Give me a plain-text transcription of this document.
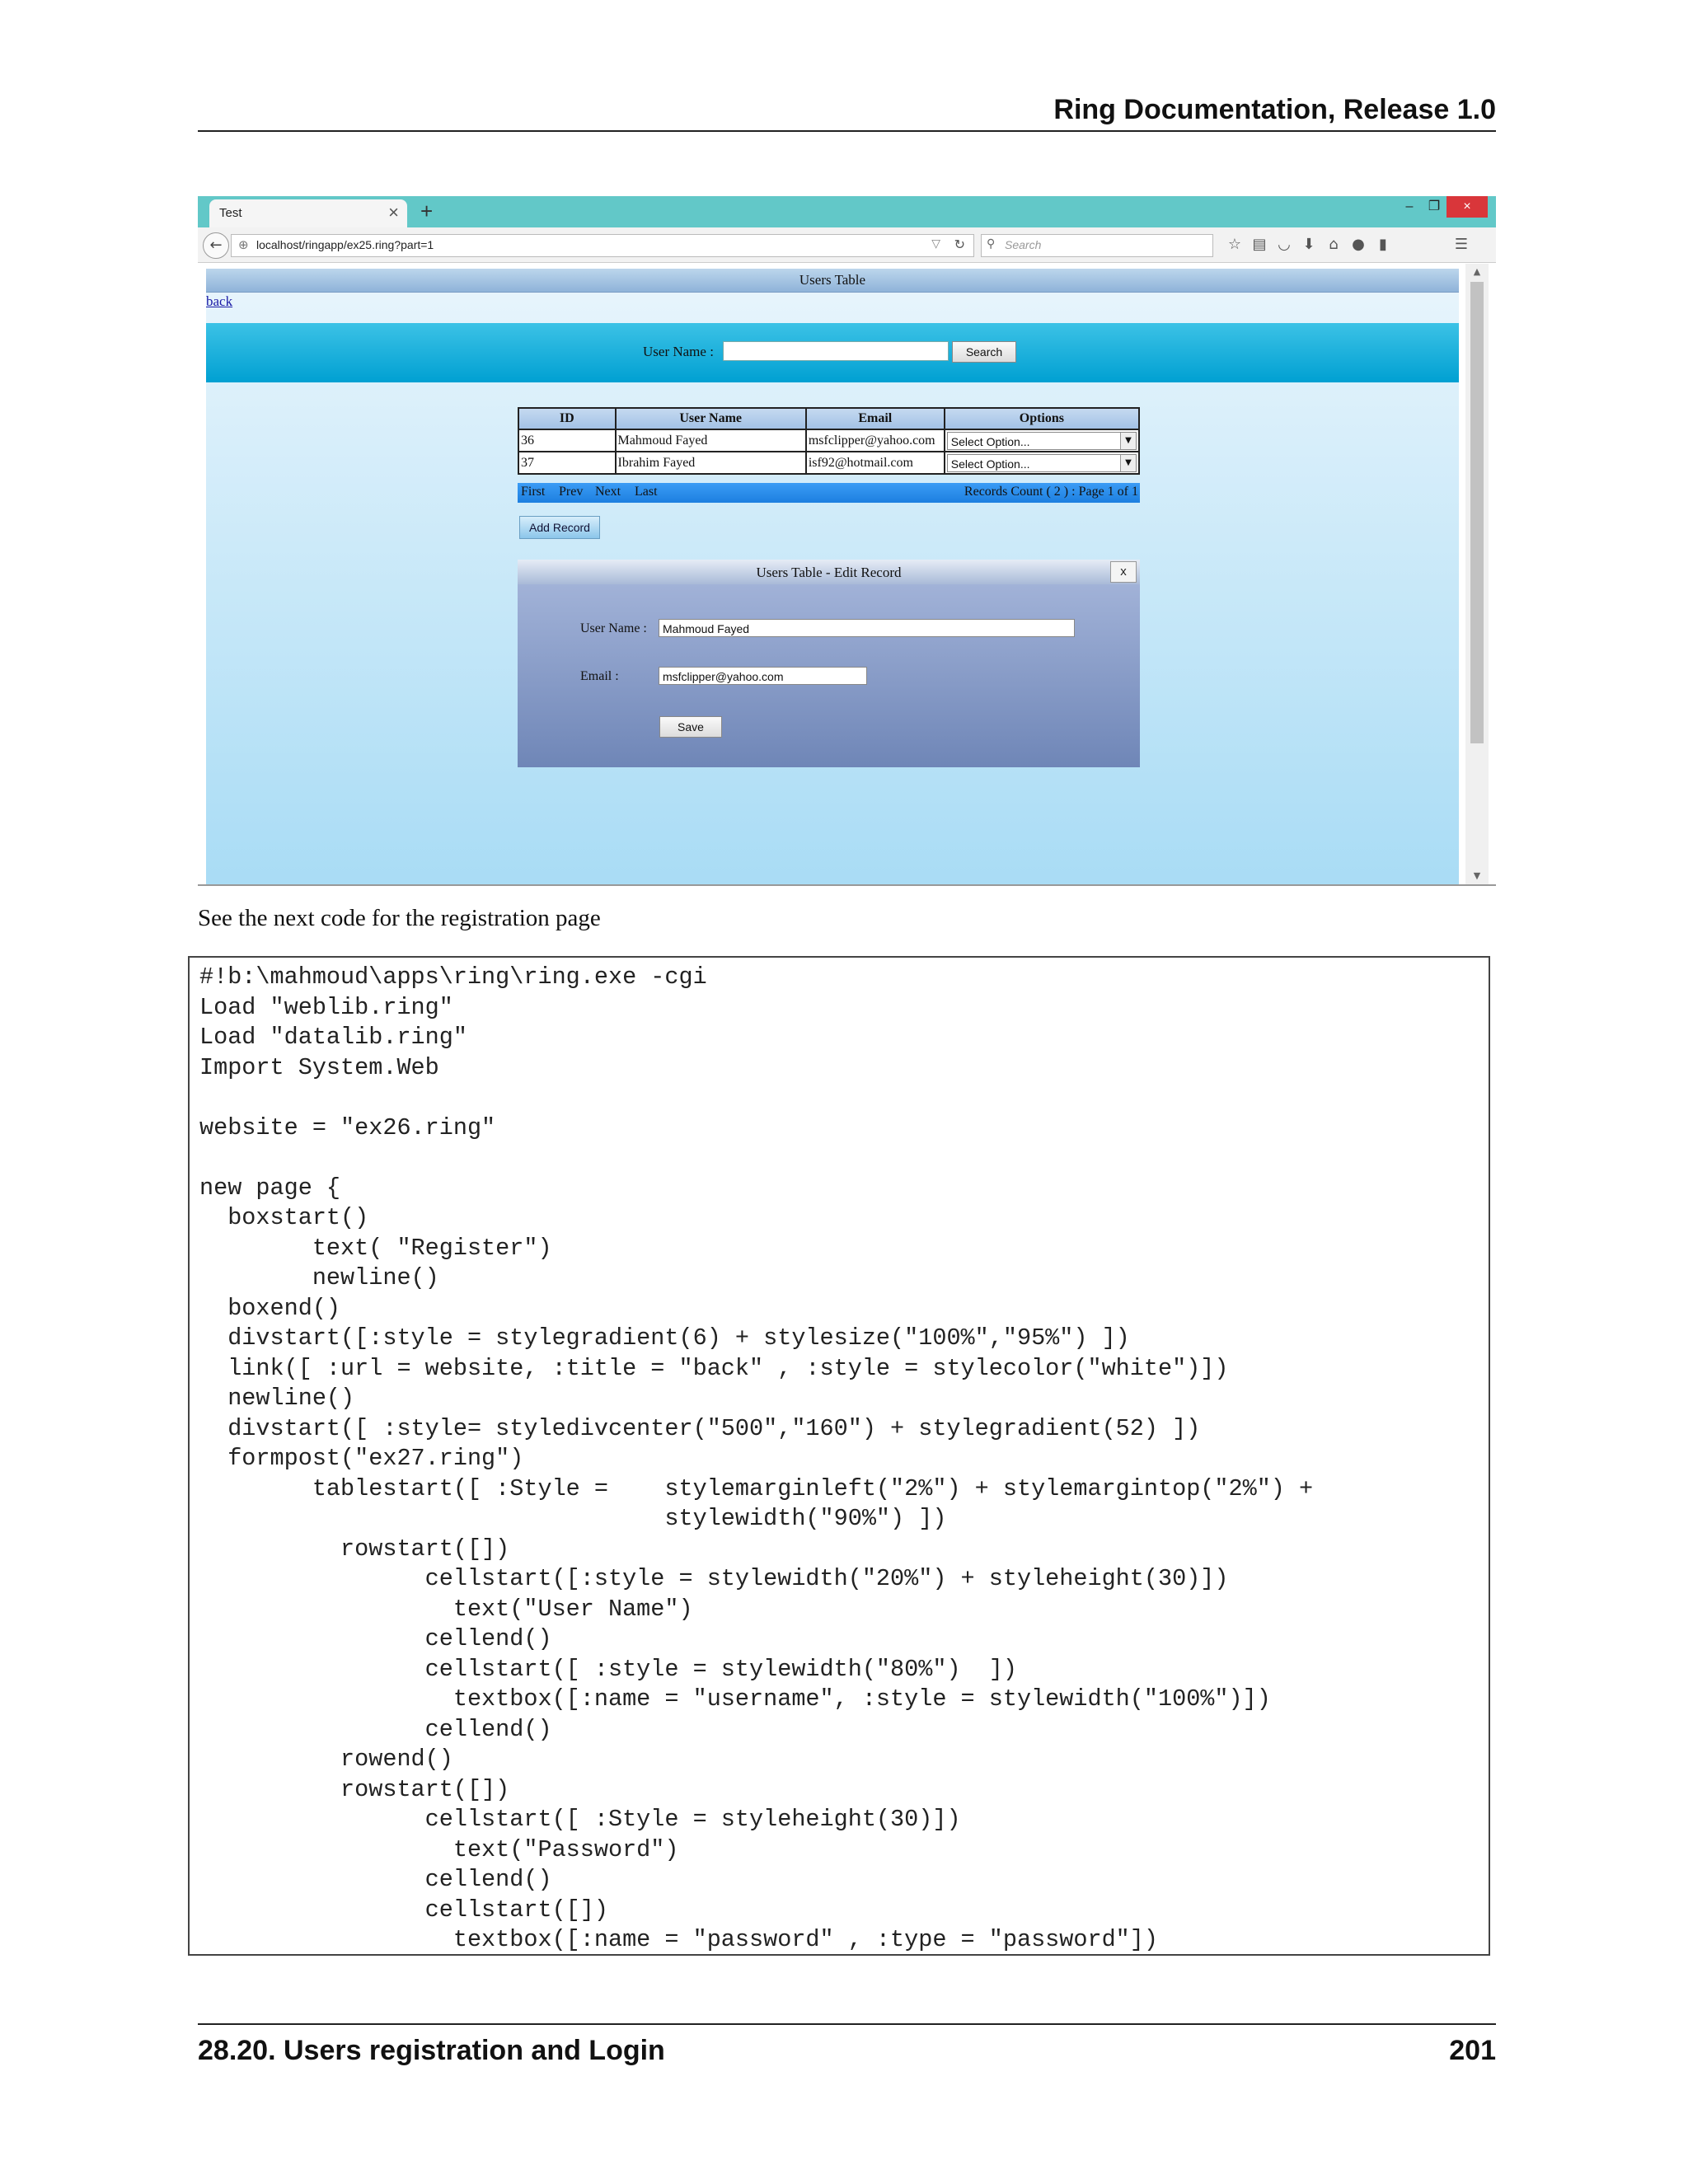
Ring Documentation, Release 1.0
Test	× +	–	❐	×
←	⊕ localhost/ringapp/ex25.ring?part=1	▽ ↻ ⚲ Search	☆ ▤ ◡ ⬇ ⌂ ● ▮	☰
Users Table
back
User Name :	Search
ID	User Name	Email	Options
36	Mahmoud Fayed	msfclipper@yahoo.com	Select Option... ▼

37	Ibrahim Fayed	isf92@hotmail.com	Select Option... ▼
First Prev Next Last	Records Count ( 2 ) : Page 1 of 1
Add Record
Users Table - Edit Record	x
User Name :	Mahmoud Fayed
Email :	msfclipper@yahoo.com
Save
▲
▼
See the next code for the registration page
#!b:\mahmoud\apps\ring\ring.exe -cgi
Load "weblib.ring"
Load "datalib.ring"
Import System.Web

website = "ex26.ring"

new page {
boxstart()
text( "Register")
newline()
boxend()
divstart([:style = stylegradient(6) + stylesize("100%","95%") ])
link([ :url = website, :title = "back" , :style = stylecolor("white")])
newline()
divstart([ :style= styledivcenter("500","160") + stylegradient(52) ])
formpost("ex27.ring")
tablestart([ :Style =    stylemarginleft("2%") + stylemargintop("2%") +
stylewidth("90%") ])
rowstart([])
cellstart([:style = stylewidth("20%") + styleheight(30)])
text("User Name")
cellend()
cellstart([ :style = stylewidth("80%")  ])
textbox([:name = "username", :style = stylewidth("100%")])
cellend()
rowend()
rowstart([])
cellstart([ :Style = styleheight(30)])
text("Password")
cellend()
cellstart([])
textbox([:name = "password" , :type = "password"])
28.20. Users registration and Login	201
